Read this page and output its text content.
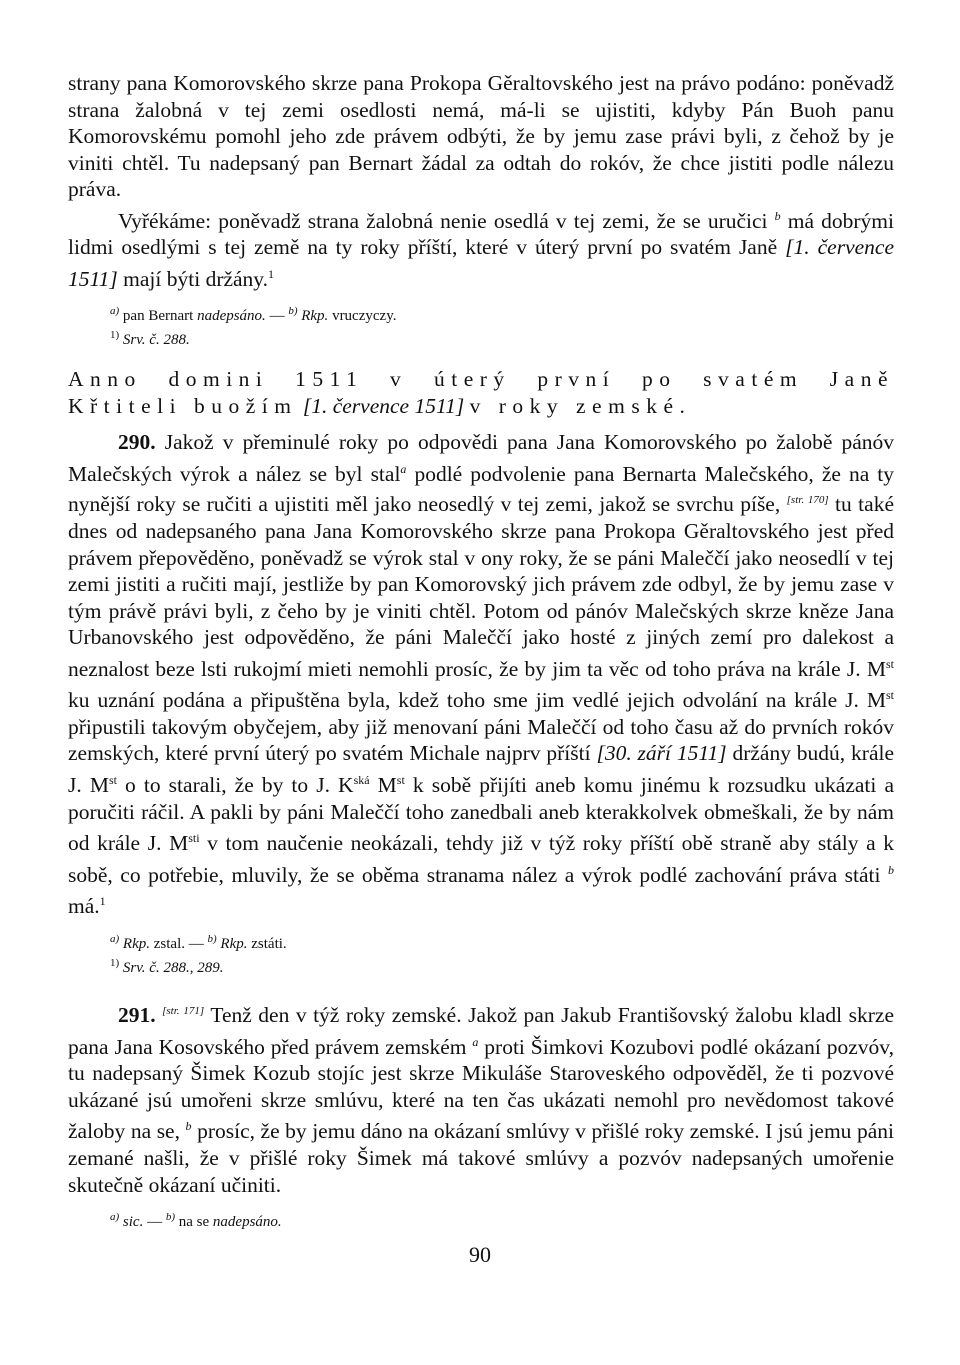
strany pana Komorovského skrze pana Prokopa Gěraltovského jest na právo podáno: poněvadž strana žalobná v tej zemi osedlosti nemá, má-li se ujistiti, kdyby Pán Buoh panu Komorovskému pomohl jeho zde právem odbýti, že by jemu zase právi byli, z čehož by je viniti chtěl. Tu nadepsaný pan Bernart žádal za odtah do rokóv, že chce jistiti podle nálezu práva.

Vyřékáme: poněvadž strana žalobná nenie osedlá v tej zemi, že se uručici $^b$ má dobrými lidmi osedlými s tej země na ty roky příští, které v úterý první po svatém Janě [1. července 1511] mají býti držány.$^1$

$^{a)}$ pan Bernart nadepsáno. — $^{b)}$ Rkp. vruczyczy.

$^{1)}$ Srv. č. 288.

Anno domini 1511 v úterý první po svatém Janě

Křtiteli buožím [1. července 1511] v roky zemské.

290. Jakož v přeminulé roky po odpovědi pana Jana Komorovského po žalobě pánóv Malečských výrok a nález se byl stal$^a$ podlé podvolenie pana Bernarta Malečského, že na ty nynější roky se ručiti a ujistiti měl jako neosedlý v tej zemi, jakož se svrchu píše, [str. 170] tu také dnes od nadepsaného pana Jana Komorovského skrze pana Prokopa Gěraltovského jest před právem přepověděno, poněvadž se výrok stal v ony roky, že se páni Maleččí jako neosedlí v tej zemi jistiti a ručiti mají, jestliže by pan Komorovský jich právem zde odbyl, že by jemu zase v tým právě právi byli, z čeho by je viniti chtěl. Potom od pánóv Malečských skrze kněze Jana Urbanovského jest odpověděno, že páni Maleččí jako hosté z jiných zemí pro dalekost a neznalost beze lsti rukojmí mieti nemohli prosíc, že by jim ta věc od toho práva na krále J. Mst ku uznání podána a připuštěna byla, kdež toho sme jim vedlé jejich odvolání na krále J. Mst připustili takovým obyčejem, aby již menovaní páni Maleččí od toho času až do prvních rokóv zemských, které první úterý po svatém Michale najprv příští [30. září 1511] držány budú, krále J. Mst o to starali, že by to J. $K^{ská}$ Mst k sobě přijíti aneb komu jinému k rozsudku ukázati a poručiti ráčil. A pakli by páni Maleččí toho zanedbali aneb kterakkolvek obmeškali, že by nám od krále J. $M^{sti}$ v tom naučenie neokázali, tehdy již v týž roky příští obě straně aby stály a k sobě, co potřebie, mluvily, že se oběma stranama nález a výrok podlé zachování práva státi $^b$ má.$^1$

$^{a)}$ Rkp. zstal. — $^{b)}$ Rkp. zstáti.

$^{1)}$ Srv. č. 288., 289.

291. [str. 171] Tenž den v týž roky zemské. Jakož pan Jakub Františovský žalobu kladl skrze pana Jana Kosovského před právem zemském $^a$ proti Šimkovi Kozubovi podlé okázaní pozvóv, tu nadepsaný Šimek Kozub stojíc jest skrze Mikuláše Staroveského odpověděl, že ti pozvové ukázané jsú umořeni skrze smlúvu, které na ten čas ukázati nemohl pro nevědomost takové žaloby na se, $^b$ prosíc, že by jemu dáno na okázaní smlúvy v přišlé roky zemské. I jsú jemu páni zemané našli, že v přišlé roky Šimek má takové smlúvy a pozvóv nadepsaných umořenie skutečně okázaní učiniti.

$^{a)}$ sic. — $^{b)}$ na se nadepsáno.

90
